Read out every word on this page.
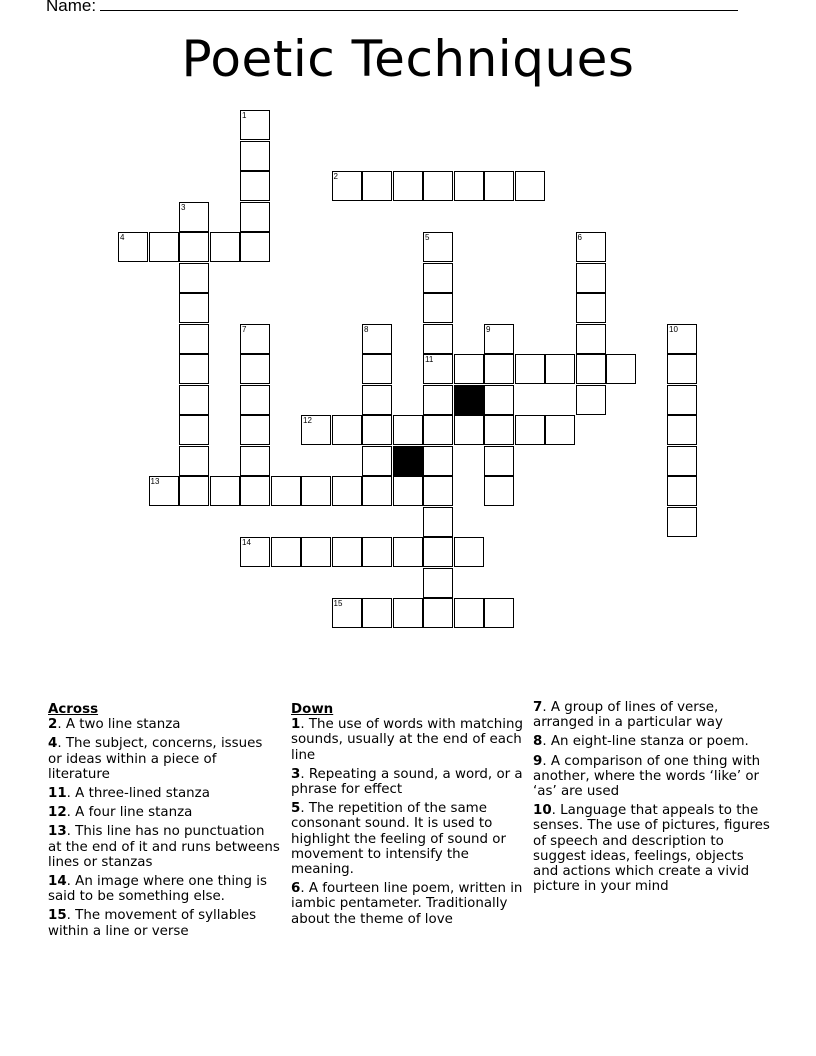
Name:
Poetic Techniques
1
2
3
4	5
11
6
7	8	9	10
12
13
14
15
Across
2. A two line stanza
4. The subject, concerns, issues or ideas within a piece of literature
11. A three-lined stanza
12. A four line stanza
13. This line has no punctuation at the end of it and runs betweens lines or stanzas
14. An image where one thing is said to be something else.
15. The movement of syllables within a line or verse
Down
1. The use of words with matching sounds, usually at the end of each line
3. Repeating a sound, a word, or a phrase for effect
5. The repetition of the same consonant sound. It is used to highlight the feeling of sound or movement to intensify the meaning.
6. A fourteen line poem, written in iambic pentameter. Traditionally about the theme of love
7. A group of lines of verse, arranged in a particular way
8. An eight-line stanza or poem.
9. A comparison of one thing with another, where the words ‘like’ or ‘as’ are used
10. Language that appeals to the senses. The use of pictures, figures of speech and description to suggest ideas, feelings, objects and actions which create a vivid picture in your mind
